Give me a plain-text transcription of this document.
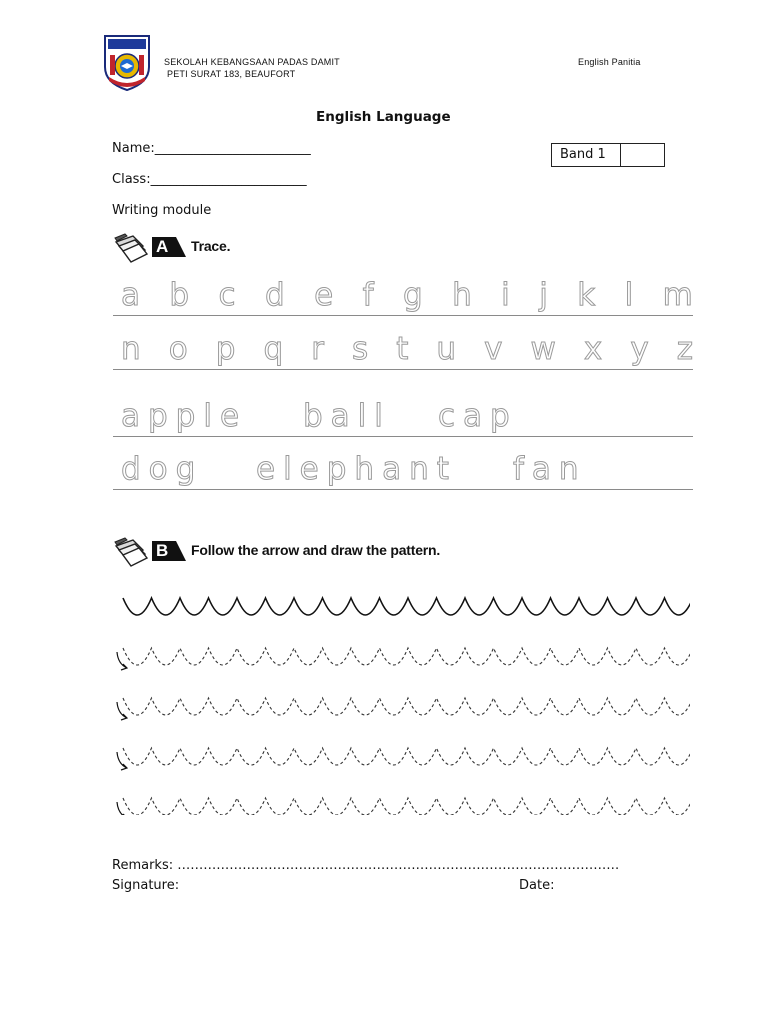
SEKOLAH KEBANGSAAN PADAS DAMIT
PETI SURAT 183, BEAUFORT
English Panitia
English Language
Name:________________________
Class:________________________
Writing module
Band 1
A Trace.
a b c d e f g h i j k l m
n o p q r s t u v w x y z
apple ball cap
dog elephant fan
B Follow the arrow and draw the pattern.
Remarks: …………………………………………………………………………………………
Signature:	Date:
